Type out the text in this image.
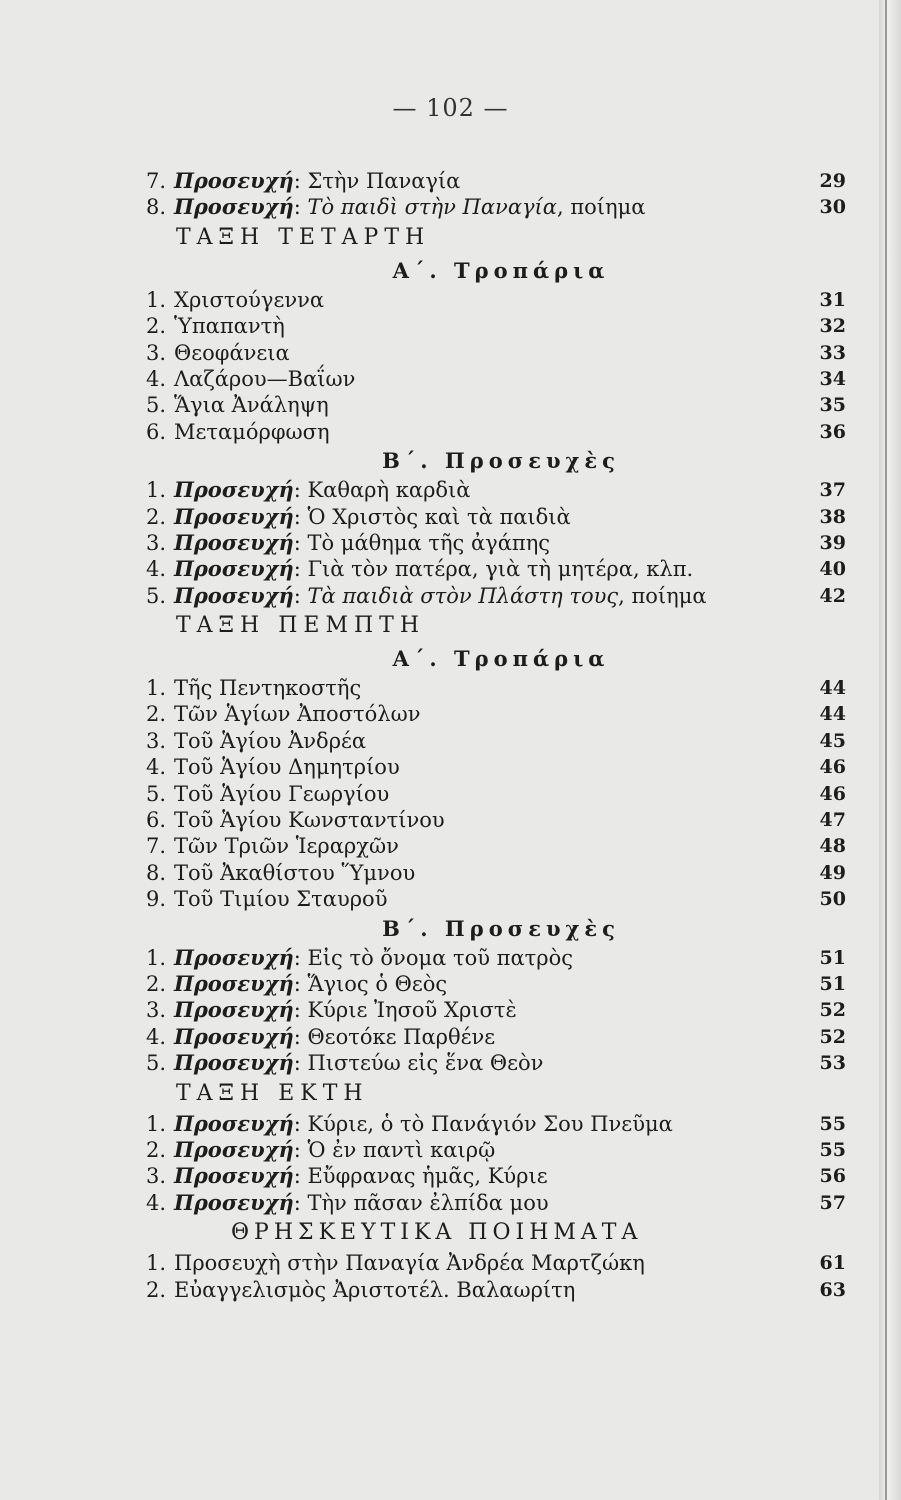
— 102 —
7. Προσευχή: Στὴν Παναγία	29
8. Προσευχή: Τὸ παιδὶ στὴν Παναγία, ποίημα	30
ΤΑΞΗ ΤΕΤΑΡΤΗ
Α΄. Τροπάρια
1. Χριστούγεννα	31
2. Ὑπαπαντὴ	32
3. Θεοφάνεια	33
4. Λαζάρου—Βαΐων	34
5. Ἅγια Ἀνάληψη	35
6. Μεταμόρφωση	36
Β΄. Προσευχὲς
1. Προσευχή: Καθαρὴ καρδιὰ	37
2. Προσευχή: Ὁ Χριστὸς καὶ τὰ παιδιὰ	38
3. Προσευχή: Τὸ μάθημα τῆς ἀγάπης	39
4. Προσευχή: Γιὰ τὸν πατέρα, γιὰ τὴ μητέρα, κλπ.	40
5. Προσευχή: Τὰ παιδιὰ στὸν Πλάστη τους, ποίημα	42
ΤΑΞΗ ΠΕΜΠΤΗ
Α΄. Τροπάρια
1. Τῆς Πεντηκοστῆς	44
2. Τῶν Ἁγίων Ἀποστόλων	44
3. Τοῦ Ἁγίου Ἀνδρέα	45
4. Τοῦ Ἁγίου Δημητρίου	46
5. Τοῦ Ἁγίου Γεωργίου	46
6. Τοῦ Ἁγίου Κωνσταντίνου	47
7. Τῶν Τριῶν Ἱεραρχῶν	48
8. Τοῦ Ἀκαθίστου Ὕμνου	49
9. Τοῦ Τιμίου Σταυροῦ	50
Β΄. Προσευχὲς
1. Προσευχή: Εἰς τὸ ὄνομα τοῦ πατρὸς	51
2. Προσευχή: Ἅγιος ὁ Θεὸς	51
3. Προσευχή: Κύριε Ἰησοῦ Χριστὲ	52
4. Προσευχή: Θεοτόκε Παρθένε	52
5. Προσευχή: Πιστεύω εἰς ἕνα Θεὸν	53
ΤΑΞΗ ΕΚΤΗ
1. Προσευχή: Κύριε, ὁ τὸ Πανάγιόν Σου Πνεῦμα	55
2. Προσευχή: Ὁ ἐν παντὶ καιρῷ	55
3. Προσευχή: Εὔφρανας ἡμᾶς, Κύριε	56
4. Προσευχή: Τὴν πᾶσαν ἐλπίδα μου	57
ΘΡΗΣΚΕΥΤΙΚΑ ΠΟΙΗΜΑΤΑ
1. Προσευχὴ στὴν Παναγία Ἀνδρέα Μαρτζώκη	61
2. Εὐαγγελισμὸς Ἀριστοτέλ. Βαλαωρίτη	63
